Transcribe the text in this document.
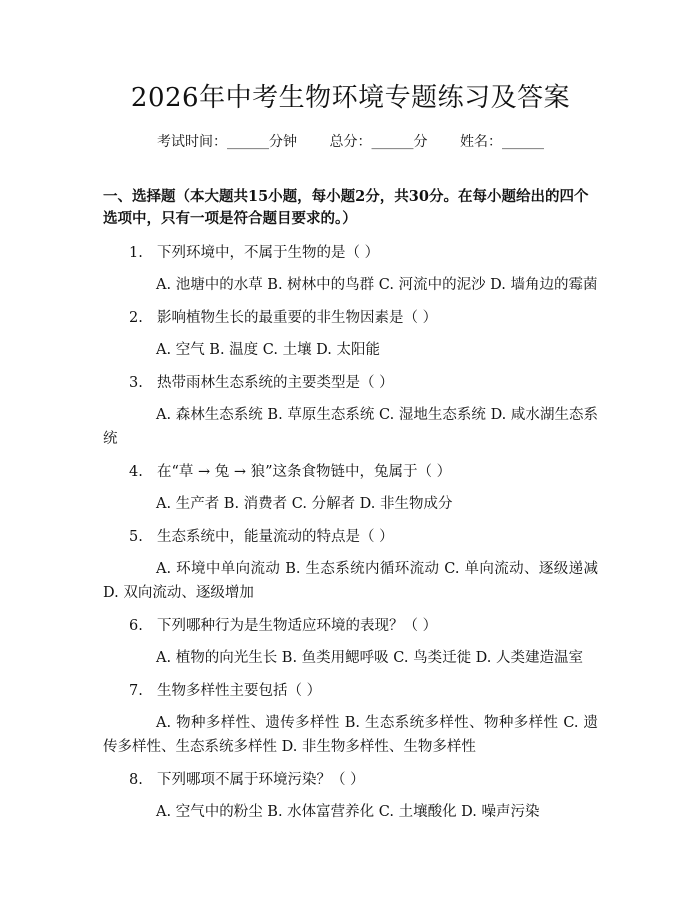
2026年中考生物环境专题练习及答案
考试时间：______分钟 总分：______分 姓名：______
一、选择题（本大题共15小题，每小题2分，共30分。在每小题给出的四个选项中，只有一项是符合题目要求的。）
1. 下列环境中，不属于生物的是（ ）
A. 池塘中的水草 B. 树林中的鸟群 C. 河流中的泥沙 D. 墙角边的霉菌
2. 影响植物生长的最重要的非生物因素是（ ）
A. 空气 B. 温度 C. 土壤 D. 太阳能
3. 热带雨林生态系统的主要类型是（ ）
A. 森林生态系统 B. 草原生态系统 C. 湿地生态系统 D. 咸水湖生态系统
4. 在“草 → 兔 → 狼”这条食物链中，兔属于（ ）
A. 生产者 B. 消费者 C. 分解者 D. 非生物成分
5. 生态系统中，能量流动的特点是（ ）
A. 环境中单向流动 B. 生态系统内循环流动 C. 单向流动、逐级递减 D. 双向流动、逐级增加
6. 下列哪种行为是生物适应环境的表现？（ ）
A. 植物的向光生长 B. 鱼类用鳃呼吸 C. 鸟类迁徙 D. 人类建造温室
7. 生物多样性主要包括（ ）
A. 物种多样性、遗传多样性 B. 生态系统多样性、物种多样性 C. 遗传多样性、生态系统多样性 D. 非生物多样性、生物多样性
8. 下列哪项不属于环境污染？（ ）
A. 空气中的粉尘 B. 水体富营养化 C. 土壤酸化 D. 噪声污染
